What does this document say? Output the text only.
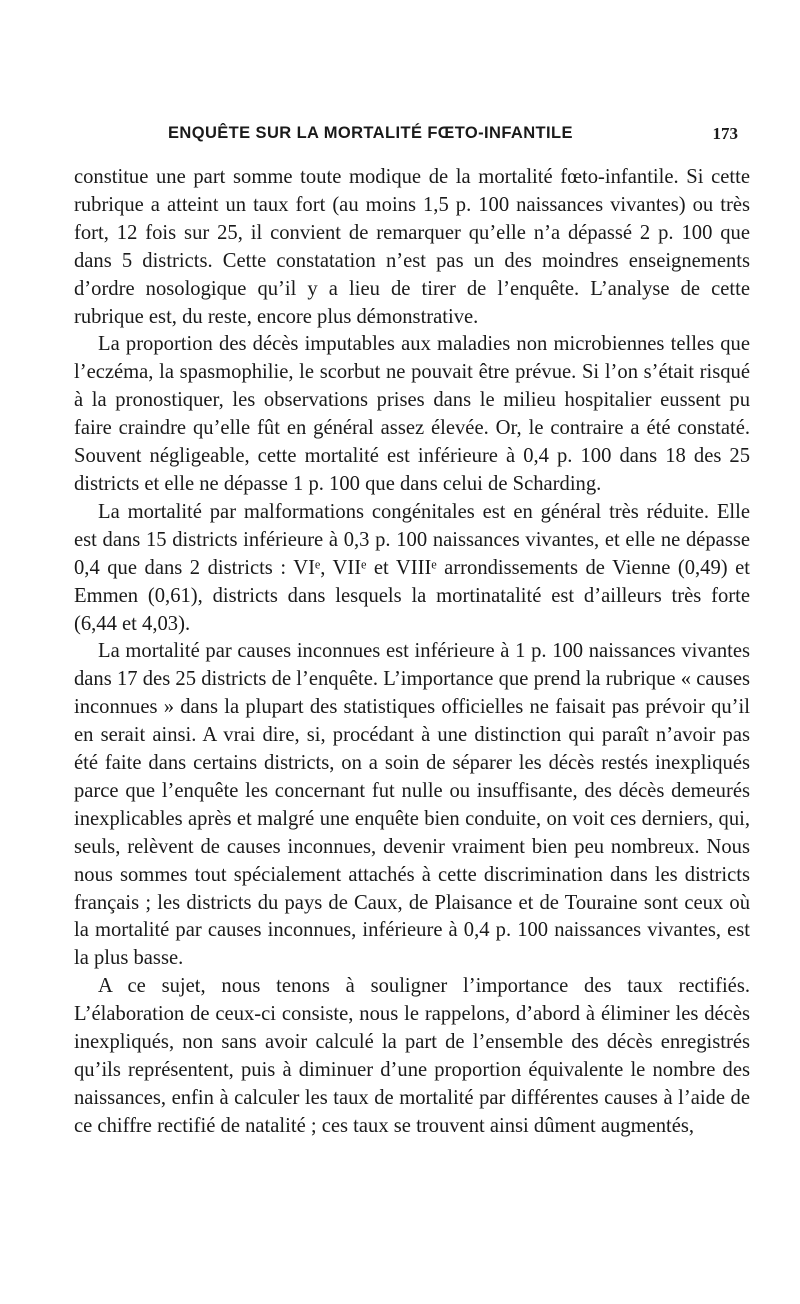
ENQUÊTE SUR LA MORTALITÉ FŒTO-INFANTILE	173

constitue une part somme toute modique de la mortalité fœto-infantile. Si cette rubrique a atteint un taux fort (au moins 1,5 p. 100 naissances vivantes) ou très fort, 12 fois sur 25, il convient de remarquer qu’elle n’a dépassé 2 p. 100 que dans 5 districts. Cette constatation n’est pas un des moindres enseignements d’ordre nosologique qu’il y a lieu de tirer de l’enquête. L’analyse de cette rubrique est, du reste, encore plus démonstrative.

La proportion des décès imputables aux maladies non microbiennes telles que l’eczéma, la spasmophilie, le scorbut ne pouvait être prévue. Si l’on s’était risqué à la pronostiquer, les observations prises dans le milieu hospitalier eussent pu faire craindre qu’elle fût en général assez élevée. Or, le contraire a été constaté. Souvent négligeable, cette mortalité est inférieure à 0,4 p. 100 dans 18 des 25 districts et elle ne dépasse 1 p. 100 que dans celui de Scharding.

La mortalité par malformations congénitales est en général très réduite. Elle est dans 15 districts inférieure à 0,3 p. 100 naissances vivantes, et elle ne dépasse 0,4 que dans 2 districts : VIᵉ, VIIᵉ et VIIIᵉ arrondissements de Vienne (0,49) et Emmen (0,61), districts dans lesquels la mortinatalité est d’ailleurs très forte (6,44 et 4,03).

La mortalité par causes inconnues est inférieure à 1 p. 100 naissances vivantes dans 17 des 25 districts de l’enquête. L’importance que prend la rubrique « causes inconnues » dans la plupart des statistiques officielles ne faisait pas prévoir qu’il en serait ainsi. A vrai dire, si, procédant à une distinction qui paraît n’avoir pas été faite dans certains districts, on a soin de séparer les décès restés inexpliqués parce que l’enquête les concernant fut nulle ou insuffisante, des décès demeurés inexplicables après et malgré une enquête bien conduite, on voit ces derniers, qui, seuls, relèvent de causes inconnues, devenir vraiment bien peu nombreux. Nous nous sommes tout spécialement attachés à cette discrimination dans les districts français ; les districts du pays de Caux, de Plaisance et de Touraine sont ceux où la mortalité par causes inconnues, inférieure à 0,4 p. 100 naissances vivantes, est la plus basse.

A ce sujet, nous tenons à souligner l’importance des taux rectifiés. L’élaboration de ceux-ci consiste, nous le rappelons, d’abord à éliminer les décès inexpliqués, non sans avoir calculé la part de l’ensemble des décès enregistrés qu’ils représentent, puis à diminuer d’une proportion équivalente le nombre des naissances, enfin à calculer les taux de mortalité par différentes causes à l’aide de ce chiffre rectifié de natalité ; ces taux se trouvent ainsi dûment augmentés,
